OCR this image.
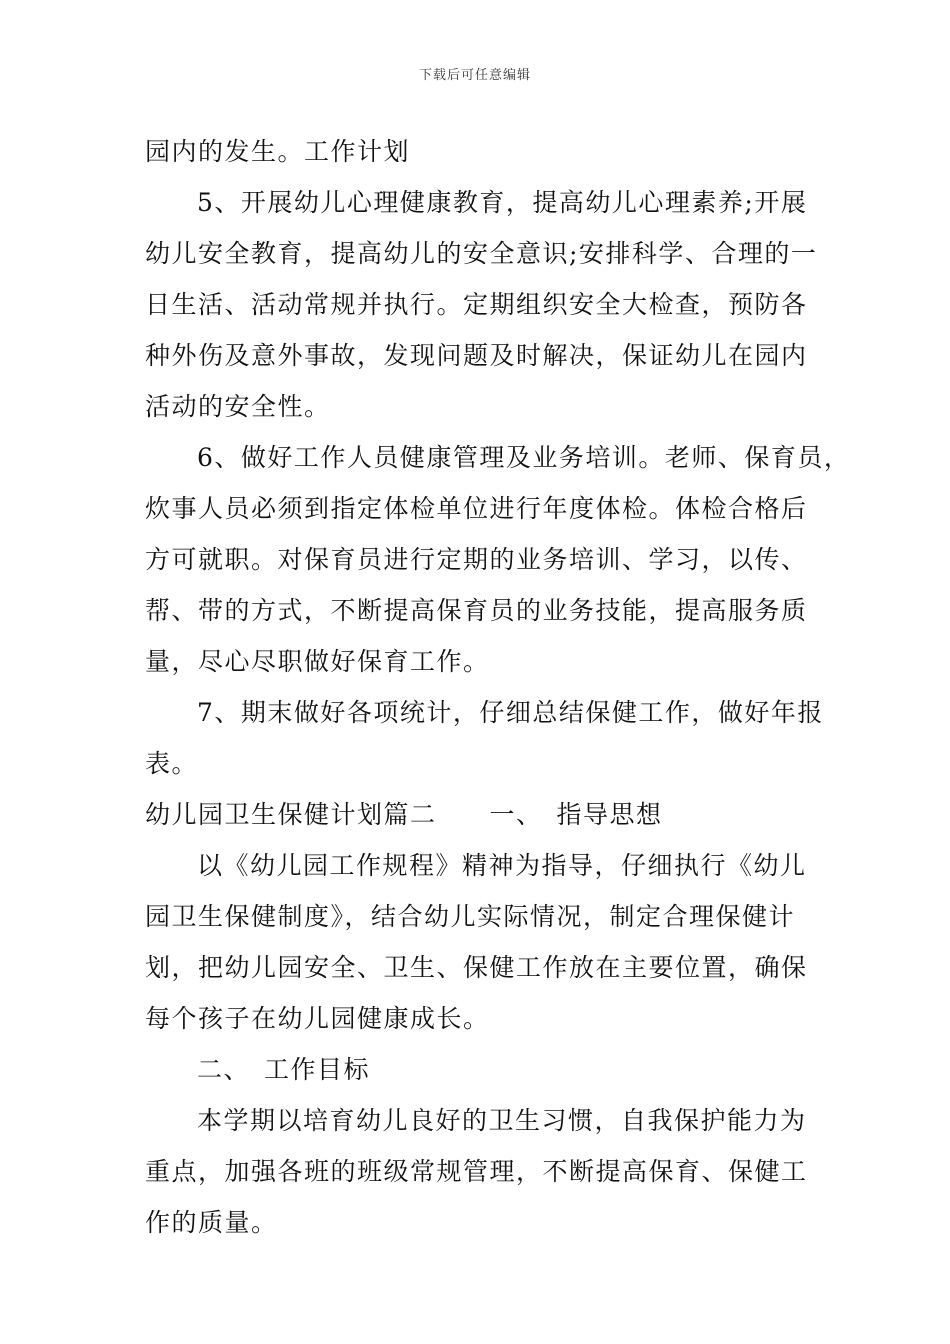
下载后可任意编辑
园内的发生。工作计划
5、开展幼儿心理健康教育，提高幼儿心理素养;开展
幼儿安全教育，提高幼儿的安全意识;安排科学、合理的一
日生活、活动常规并执行。定期组织安全大检查，预防各
种外伤及意外事故，发现问题及时解决，保证幼儿在园内
活动的安全性。
6、做好工作人员健康管理及业务培训。老师、保育员，
炊事人员必须到指定体检单位进行年度体检。体检合格后
方可就职。对保育员进行定期的业务培训、学习，以传、
帮、带的方式，不断提高保育员的业务技能，提高服务质
量，尽心尽职做好保育工作。
7、期末做好各项统计，仔细总结保健工作，做好年报
表。
幼儿园卫生保健计划篇二　　一、　指导思想
以《幼儿园工作规程》精神为指导，仔细执行《幼儿
园卫生保健制度》，结合幼儿实际情况，制定合理保健计
划，把幼儿园安全、卫生、保健工作放在主要位置，确保
每个孩子在幼儿园健康成长。
二、　工作目标
本学期以培育幼儿良好的卫生习惯，自我保护能力为
重点，加强各班的班级常规管理，不断提高保育、保健工
作的质量。
